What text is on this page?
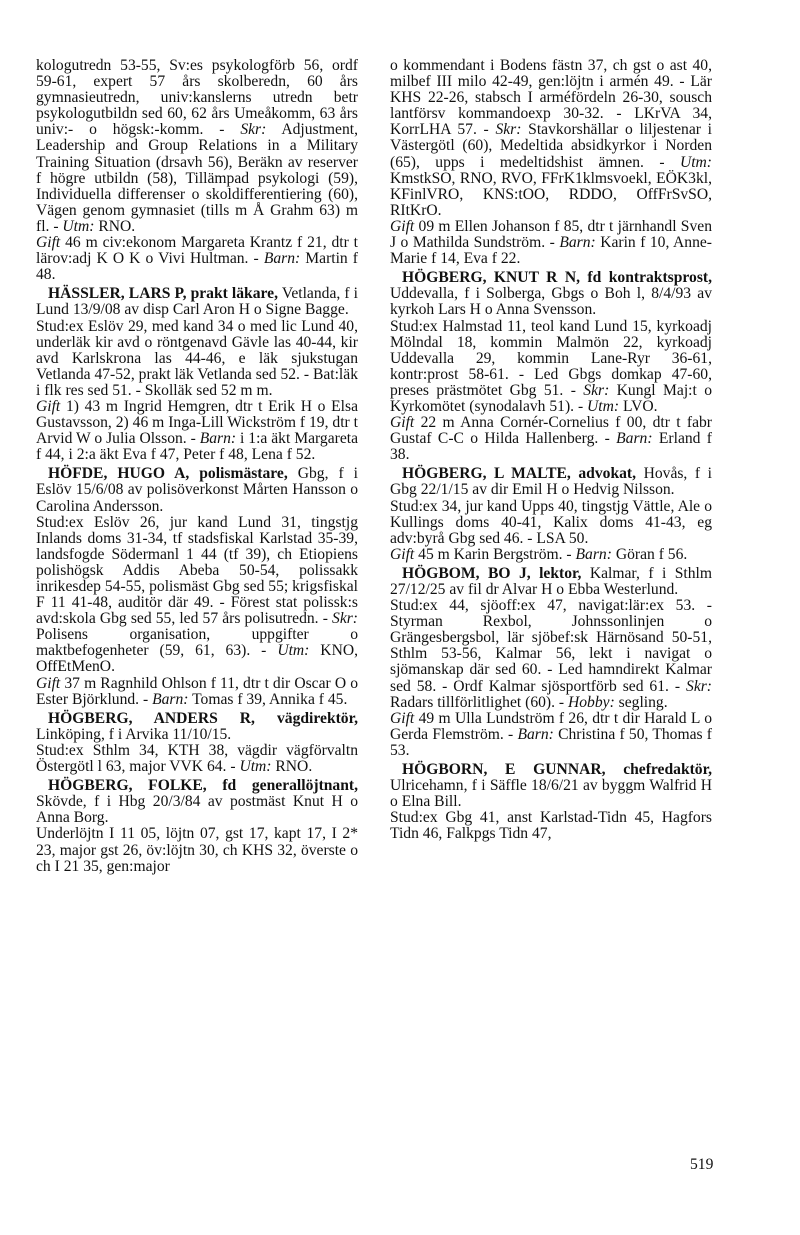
kologutredn 53-55, Sv:es psykologförb 56, ordf 59-61, expert 57 års skolberedn, 60 års gymnasieutredn, univ:kanslerns utredn betr psykologutbildn sed 60, 62 års Umeåkomm, 63 års univ:- o högsk:-komm. - Skr: Adjustment, Leadership and Group Relations in a Military Training Situation (drsavh 56), Beräkn av reserver f högre utbildn (58), Tillämpad psykologi (59), Individuella differenser o skoldifferentiering (60), Vägen genom gymnasiet (tills m Å Grahm 63) m fl. - Utm: RNO.

Gift 46 m civ:ekonom Margareta Krantz f 21, dtr t lärov:adj K O K o Vivi Hultman. - Barn: Martin f 48.

HÄSSLER, LARS P, prakt läkare, Vetlanda, f i Lund 13/9/08 av disp Carl Aron H o Signe Bagge.

Stud:ex Eslöv 29, med kand 34 o med lic Lund 40, underläk kir avd o röntgenavd Gävle las 40-44, kir avd Karlskrona las 44-46, e läk sjukstugan Vetlanda 47-52, prakt läk Vetlanda sed 52. - Bat:läk i flk res sed 51. - Skolläk sed 52 m m.

Gift 1) 43 m Ingrid Hemgren, dtr t Erik H o Elsa Gustavsson, 2) 46 m Inga-Lill Wickström f 19, dtr t Arvid W o Julia Olsson. - Barn: i 1:a äkt Margareta f 44, i 2:a äkt Eva f 47, Peter f 48, Lena f 52.

HÖFDE, HUGO A, polismästare, Gbg, f i Eslöv 15/6/08 av polisöverkonst Mårten Hansson o Carolina Andersson.

Stud:ex Eslöv 26, jur kand Lund 31, tingstjg Inlands doms 31-34, tf stadsfiskal Karlstad 35-39, landsfogde Södermanl 1 44 (tf 39), ch Etiopiens polishögsk Addis Abeba 50-54, polissakk inrikesdep 54-55, polismäst Gbg sed 55; krigsfiskal F 11 41-48, auditör där 49. - Förest stat polissk:s avd:skola Gbg sed 55, led 57 års polisutredn. - Skr: Polisens organisation, uppgifter o maktbefogenheter (59, 61, 63). - Utm: KNO, OffEtMenO.

Gift 37 m Ragnhild Ohlson f 11, dtr t dir Oscar O o Ester Björklund. - Barn: Tomas f 39, Annika f 45.

HÖGBERG, ANDERS R, vägdirektör, Linköping, f i Arvika 11/10/15.

Stud:ex Sthlm 34, KTH 38, vägdir vägförvaltn Östergötl l 63, major VVK 64. - Utm: RNO.

HÖGBERG, FOLKE, fd generallöjtnant, Skövde, f i Hbg 20/3/84 av postmäst Knut H o Anna Borg.

Underlöjtn I 11 05, löjtn 07, gst 17, kapt 17, I 2* 23, major gst 26, öv:löjtn 30, ch KHS 32, överste o ch I 21 35, gen:major

o kommendant i Bodens fästn 37, ch gst o ast 40, milbef III milo 42-49, gen:löjtn i armén 49. - Lär KHS 22-26, stabsch I arméfördeln 26-30, sousch lantförsv kommandoexp 30-32. - LKrVA 34, KorrLHA 57. - Skr: Stavkorshällar o liljestenar i Västergötl (60), Medeltida absidkyrkor i Norden (65), upps i medeltidshist ämnen. - Utm: KmstkSO, RNO, RVO, FFrK1klmsvoekl, EÖK3kl, KFinlVRO, KNS:tOO, RDDO, OffFrSvSO, RItKrO.

Gift 09 m Ellen Johanson f 85, dtr t järnhandl Sven J o Mathilda Sundström. - Barn: Karin f 10, Anne-Marie f 14, Eva f 22.

HÖGBERG, KNUT R N, fd kontraktsprost, Uddevalla, f i Solberga, Gbgs o Boh l, 8/4/93 av kyrkoh Lars H o Anna Svensson.

Stud:ex Halmstad 11, teol kand Lund 15, kyrkoadj Mölndal 18, kommin Malmön 22, kyrkoadj Uddevalla 29, kommin Lane-Ryr 36-61, kontr:prost 58-61. - Led Gbgs domkap 47-60, preses prästmötet Gbg 51. - Skr: Kungl Maj:t o Kyrkomötet (synodalavh 51). - Utm: LVO.

Gift 22 m Anna Cornér-Cornelius f 00, dtr t fabr Gustaf C-C o Hilda Hallenberg. - Barn: Erland f 38.

HÖGBERG, L MALTE, advokat, Hovås, f i Gbg 22/1/15 av dir Emil H o Hedvig Nilsson.

Stud:ex 34, jur kand Upps 40, tingstjg Vättle, Ale o Kullings doms 40-41, Kalix doms 41-43, eg adv:byrå Gbg sed 46. - LSA 50.

Gift 45 m Karin Bergström. - Barn: Göran f 56.

HÖGBOM, BO J, lektor, Kalmar, f i Sthlm 27/12/25 av fil dr Alvar H o Ebba Westerlund.

Stud:ex 44, sjöoff:ex 47, navigat:lär:ex 53. - Styrman Rexbol, Johnssonlinjen o Grängesbergsbol, lär sjöbef:sk Härnösand 50-51, Sthlm 53-56, Kalmar 56, lekt i navigat o sjömanskap där sed 60. - Led hamndirekt Kalmar sed 58. - Ordf Kalmar sjösportförb sed 61. - Skr: Radars tillförlitlighet (60). - Hobby: segling.

Gift 49 m Ulla Lundström f 26, dtr t dir Harald L o Gerda Flemström. - Barn: Christina f 50, Thomas f 53.

HÖGBORN, E GUNNAR, chefredaktör, Ulricehamn, f i Säffle 18/6/21 av byggm Walfrid H o Elna Bill.

Stud:ex Gbg 41, anst Karlstad-Tidn 45, Hagfors Tidn 46, Falkpgs Tidn 47,

519
